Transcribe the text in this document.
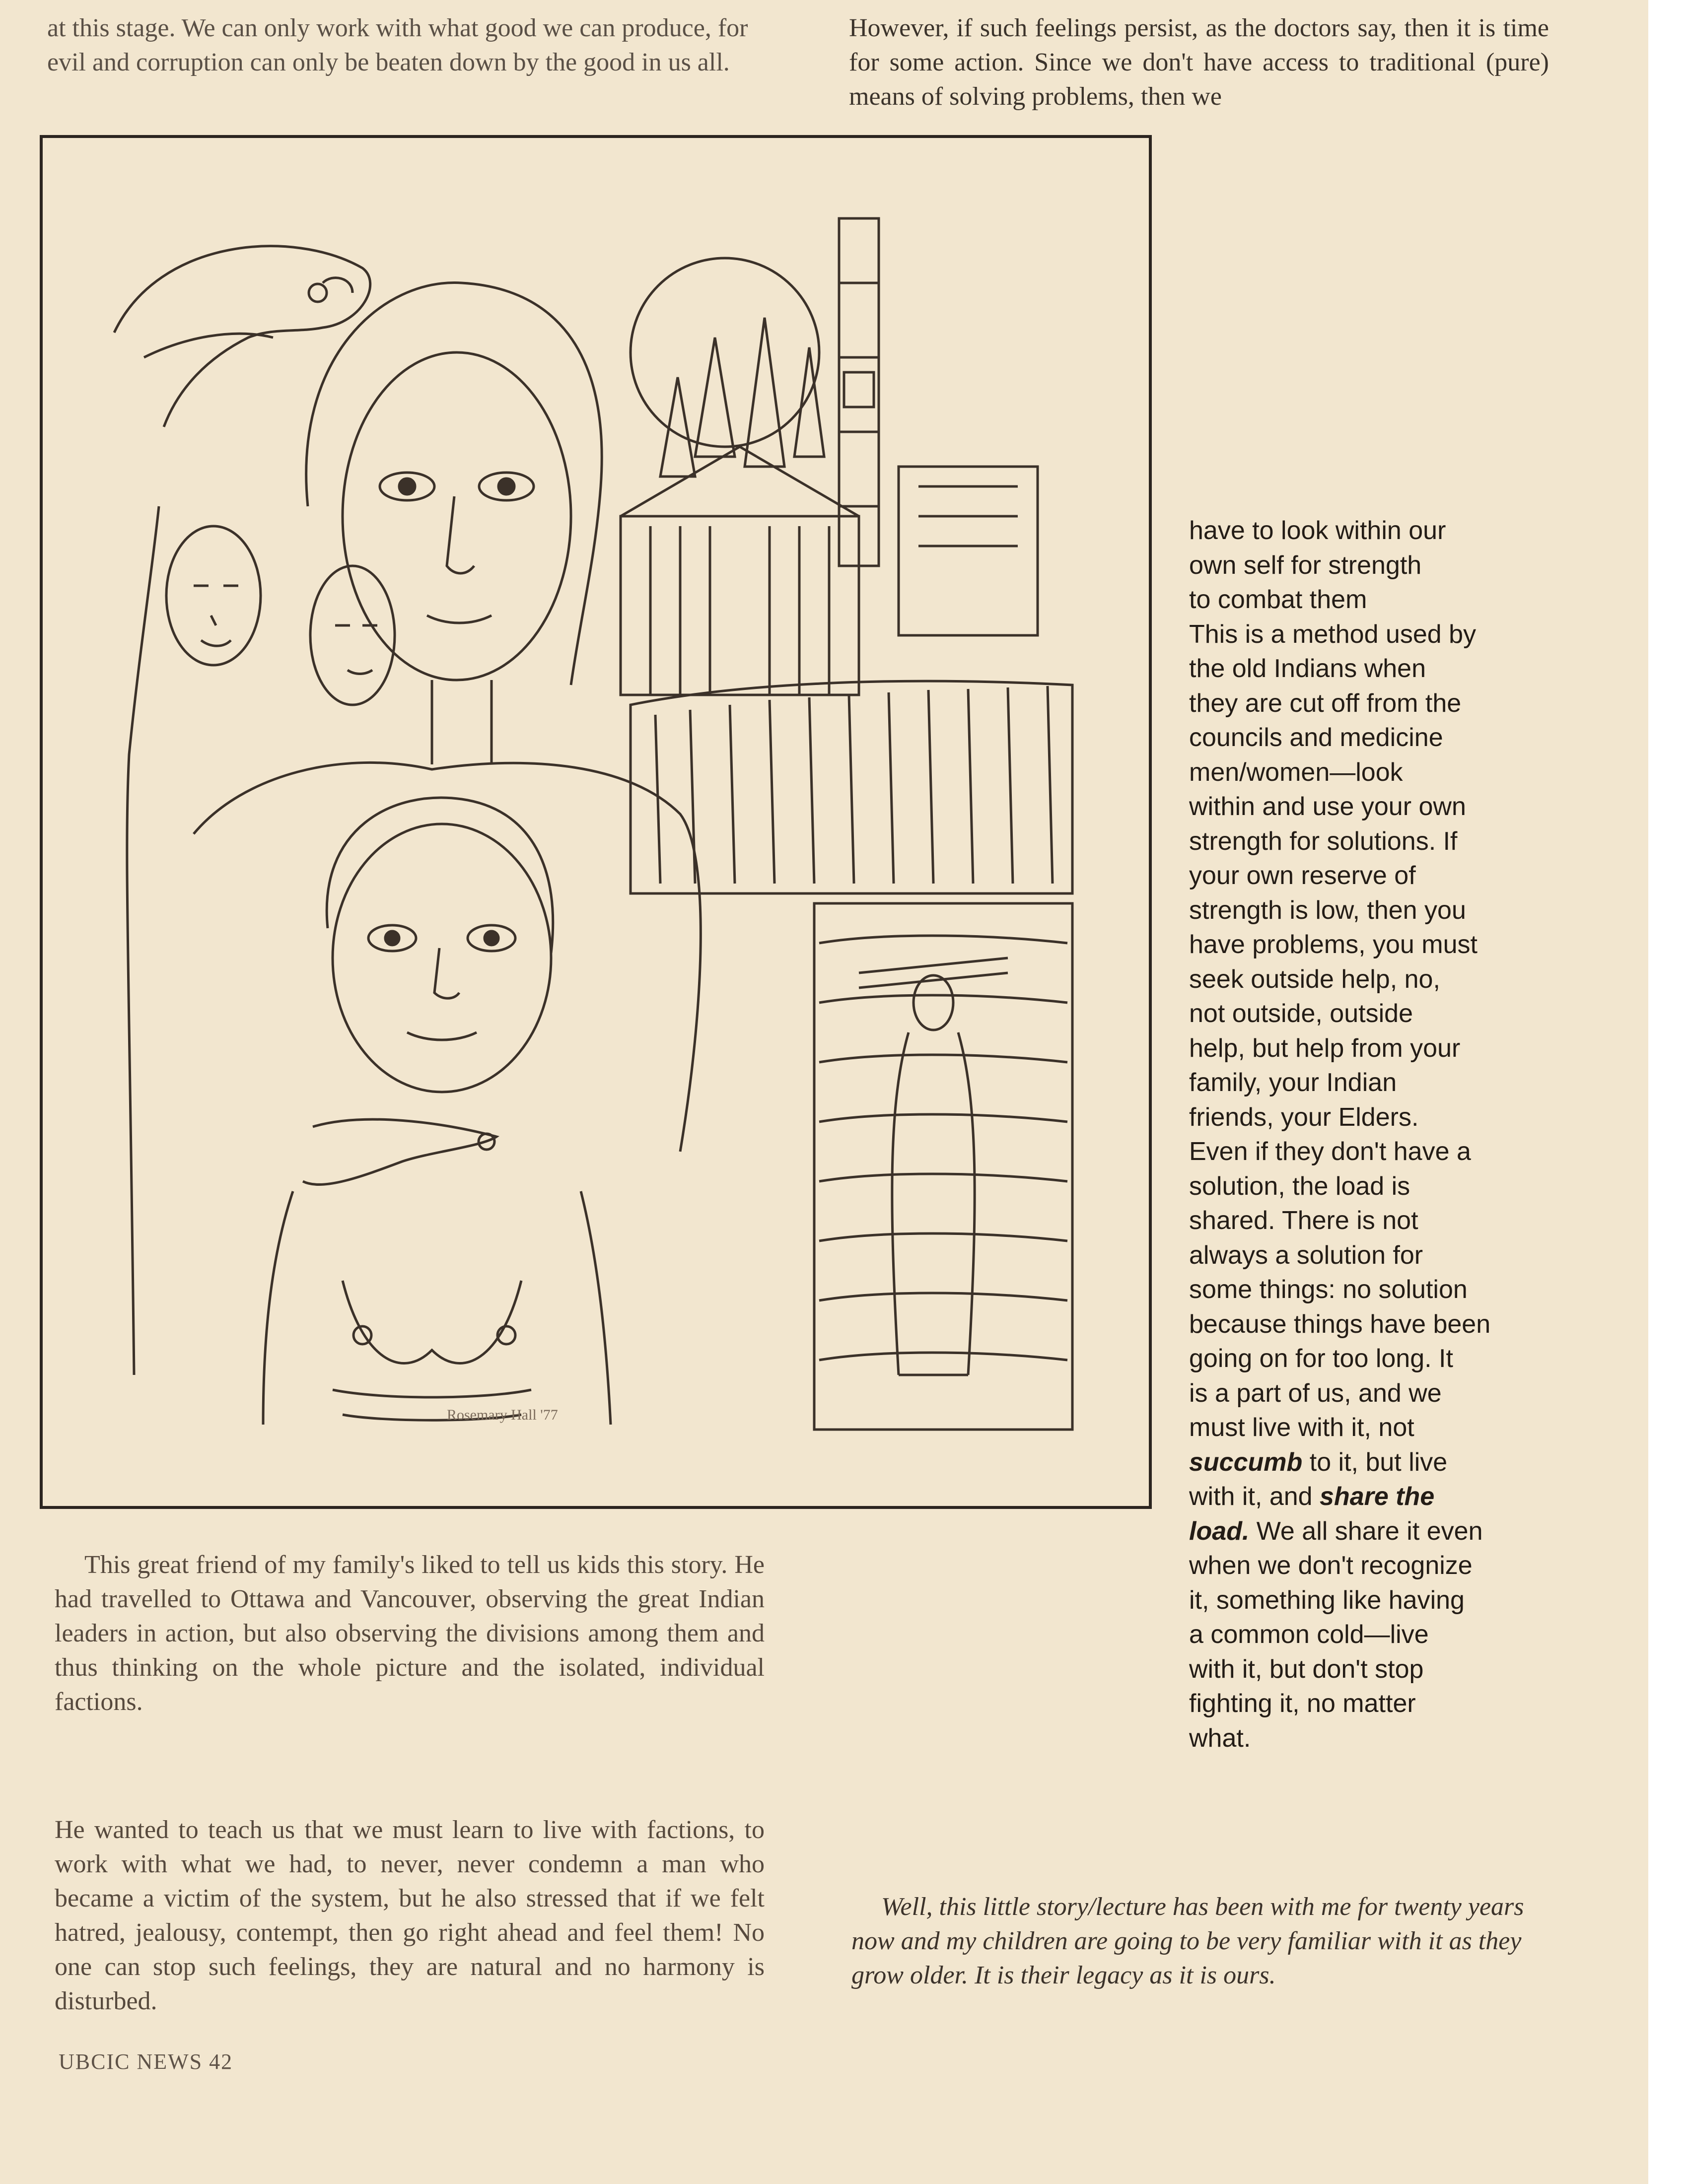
at this stage. We can only work with what good we can produce, for evil and corruption can only be beaten down by the good in us all.

However, if such feelings persist, as the doctors say, then it is time for some action. Since we don't have access to traditional (pure) means of solving problems, then we

Rosemary Hall '77
have to look within our
own self for strength
to combat them
This is a method used by
the old Indians when
they are cut off from the
councils and medicine
men/women—look
within and use your own
strength for solutions. If
your own reserve of
strength is low, then you
have problems, you must
seek outside help, no,
not outside, outside
help, but help from your
family, your Indian
friends, your Elders.
Even if they don't have a
solution, the load is
shared. There is not
always a solution for
some things: no solution
because things have been
going on for too long. It
is a part of us, and we
must live with it, not
succumb to it, but live
with it, and share the
load. We all share it even
when we don't recognize
it, something like having
a common cold—live
with it, but don't stop
fighting it, no matter
what.

This great friend of my family's liked to tell us kids this story. He had travelled to Ottawa and Vancouver, observing the great Indian leaders in action, but also observing the divisions among them and thus thinking on the whole picture and the isolated, individual factions.

He wanted to teach us that we must learn to live with factions, to work with what we had, to never, never condemn a man who became a victim of the system, but he also stressed that if we felt hatred, jealousy, contempt, then go right ahead and feel them! No one can stop such feelings, they are natural and no harmony is disturbed.

Well, this little story/lecture has been with me for twenty years now and my children are going to be very familiar with it as they grow older. It is their legacy as it is ours.

UBCIC NEWS 42
